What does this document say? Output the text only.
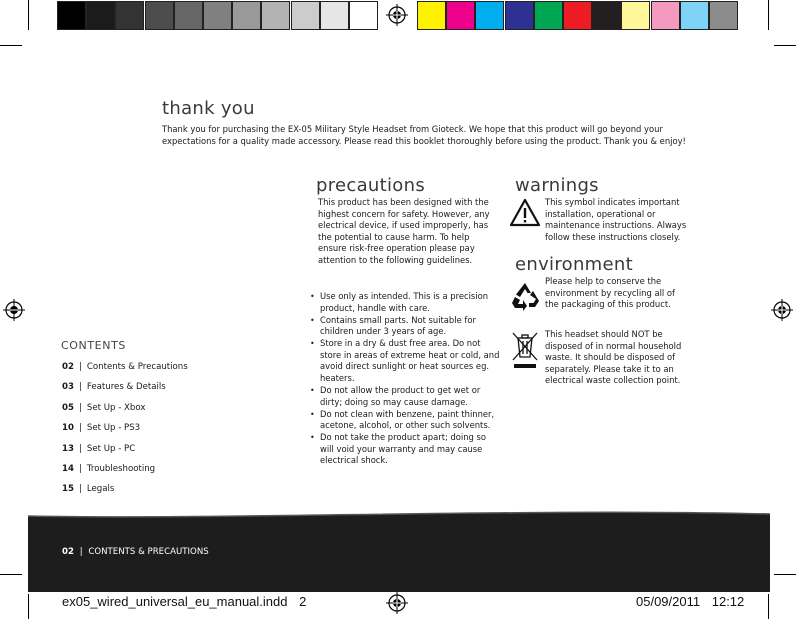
thank you

Thank you for purchasing the EX-05 Military Style Headset from Gioteck. We hope that this product will go beyond your expectations for a quality made accessory. Please read this booklet thoroughly before using the product. Thank you & enjoy!

precautions

This product has been designed with the highest concern for safety. However, any electrical device, if used improperly, has the potential to cause harm. To help ensure risk-free operation please pay attention to the following guidelines.

• Use only as intended. This is a precision product, handle with care.
• Contains small parts. Not suitable for children under 3 years of age.
• Store in a dry & dust free area. Do not store in areas of extreme heat or cold, and avoid direct sunlight or heat sources eg. heaters.
• Do not allow the product to get wet or dirty; doing so may cause damage.
• Do not clean with benzene, paint thinner, acetone, alcohol, or other such solvents.
• Do not take the product apart; doing so will void your warranty and may cause electrical shock.
warnings

This symbol indicates important installation, operational or maintenance instructions. Always follow these instructions closely.

environment

Please help to conserve the environment by recycling all of the packaging of this product.

This headset should NOT be disposed of in normal household waste. It should be disposed of separately. Please take it to an electrical waste collection point.

CONTENTS
02 | Contents & Precautions
03 | Features & Details
05 | Set Up - Xbox
10 | Set Up - PS3
13 | Set Up - PC
14 | Troubleshooting
15 | Legals
02 | CONTENTS & PRECAUTIONS
ex05_wired_universal_eu_manual.indd 2	05/09/2011 12:12
